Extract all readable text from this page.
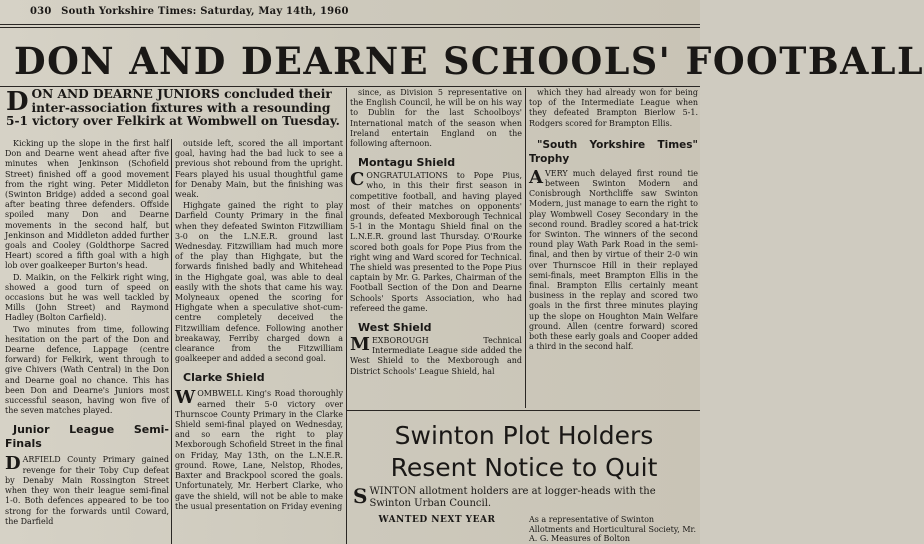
030 South Yorkshire Times: Saturday, May 14th, 1960
DON AND DEARNE SCHOOLS' FOOTBALL
D ON AND DEARNE JUNIORS concluded their inter-association fixtures with a resounding 5-1 victory over Felkirk at Wombwell on Tuesday.

Kicking up the slope in the first half Don and Dearne went ahead after five minutes when Jenkinson (Schofield Street) finished off a good movement from the right wing. Peter Middleton (Swinton Bridge) added a second goal after beating three defenders. Offside spoiled many Don and Dearne movements in the second half, but Jenkinson and Middleton added further goals and Cooley (Goldthorpe Sacred Heart) scored a fifth goal with a high lob over goalkeeper Burton's head.

D. Maikin, on the Felkirk right wing, showed a good turn of speed on occasions but he was well tackled by Mills (John Street) and Raymond Hadley (Bolton Carfield).

Two minutes from time, following hesitation on the part of the Don and Dearne defence, Lappage (centre forward) for Felkirk, went through to give Chivers (Wath Central) in the Don and Dearne goal no chance. This has been Don and Dearne's Juniors most successful season, having won five of the seven matches played.

Junior League Semi-Finals

D ARFIELD County Primary gained revenge for their Toby Cup defeat by Denaby Main Rossington Street when they won their league semi-final 1-0. Both defences appeared to be too strong for the forwards until Coward, the Darfield

outside left, scored the all important goal, having had the bad luck to see a previous shot rebound from the upright. Fears played his usual thoughtful game for Denaby Main, but the finishing was weak.

Highgate gained the right to play Darfield County Primary in the final when they defeated Swinton Fitzwilliam 3-0 on the L.N.E.R. ground last Wednesday. Fitzwilliam had much more of the play than Highgate, but the forwards finished badly and Whitehead in the Highgate goal, was able to deal easily with the shots that came his way. Molyneaux opened the scoring for Highgate when a speculative shot-cum-centre completely deceived the Fitzwilliam defence. Following another breakaway, Ferriby charged down a clearance from the Fitzwilliam goalkeeper and added a second goal.

Clarke Shield

W OMBWELL King's Road thoroughly earned their 5-0 victory over Thurnscoe County Primary in the Clarke Shield semi-final played on Wednesday, and so earn the right to play Mexborough Schofield Street in the final on Friday, May 13th, on the L.N.E.R. ground. Rowe, Lane, Nelstop, Rhodes, Baxter and Brackpool scored the goals. Unfortunately, Mr. Herbert Clarke, who gave the shield, will not be able to make the usual presentation on Friday evening

since, as Division 5 representative on the English Council, he will be on his way to Dublin for the last Schoolboys' International match of the season when Ireland entertain England on the following afternoon.

Montagu Shield

C ONGRATULATIONS to Pope Pius, who, in this their first season in competitive football, and having played most of their matches on opponents' grounds, defeated Mexborough Technical 5-1 in the Montagu Shield final on the L.N.E.R. ground last Thursday. O'Rourke scored both goals for Pope Pius from the right wing and Ward scored for Technical. The shield was presented to the Pope Pius captain by Mr. G. Parkes, Chairman of the Football Section of the Don and Dearne Schools' Sports Association, who had refereed the game.

West Shield

M EXBOROUGH Technical Intermediate League side added the West Shield to the Mexborough and District Schools' League Shield, hal

which they had already won for being top of the Intermediate League when they defeated Brampton Bierlow 5-1. Rodgers scored for Brampton Ellis.

"South Yorkshire Times" Trophy

A VERY much delayed first round tie between Swinton Modern and Conisbrough Northcliffe saw Swinton Modern, just manage to earn the right to play Wombwell Cosey Secondary in the second round. Bradley scored a hat-trick for Swinton. The winners of the second round play Wath Park Road in the semi-final, and then by virtue of their 2-0 win over Thurnscoe Hill in their replayed semi-finals, meet Brampton Ellis in the final. Brampton Ellis certainly meant business in the replay and scored two goals in the first three minutes playing up the slope on Houghton Main Welfare ground. Allen (centre forward) scored both these early goals and Cooper added a third in the second half.

Swinton Plot Holders Resent Notice to Quit
S WINTON allotment holders are at logger-heads with the Swinton Urban Council.
WANTED NEXT YEAR	As a representative of Swinton Allotments and Horticultural Society, Mr. A. G. Measures of Bolton
